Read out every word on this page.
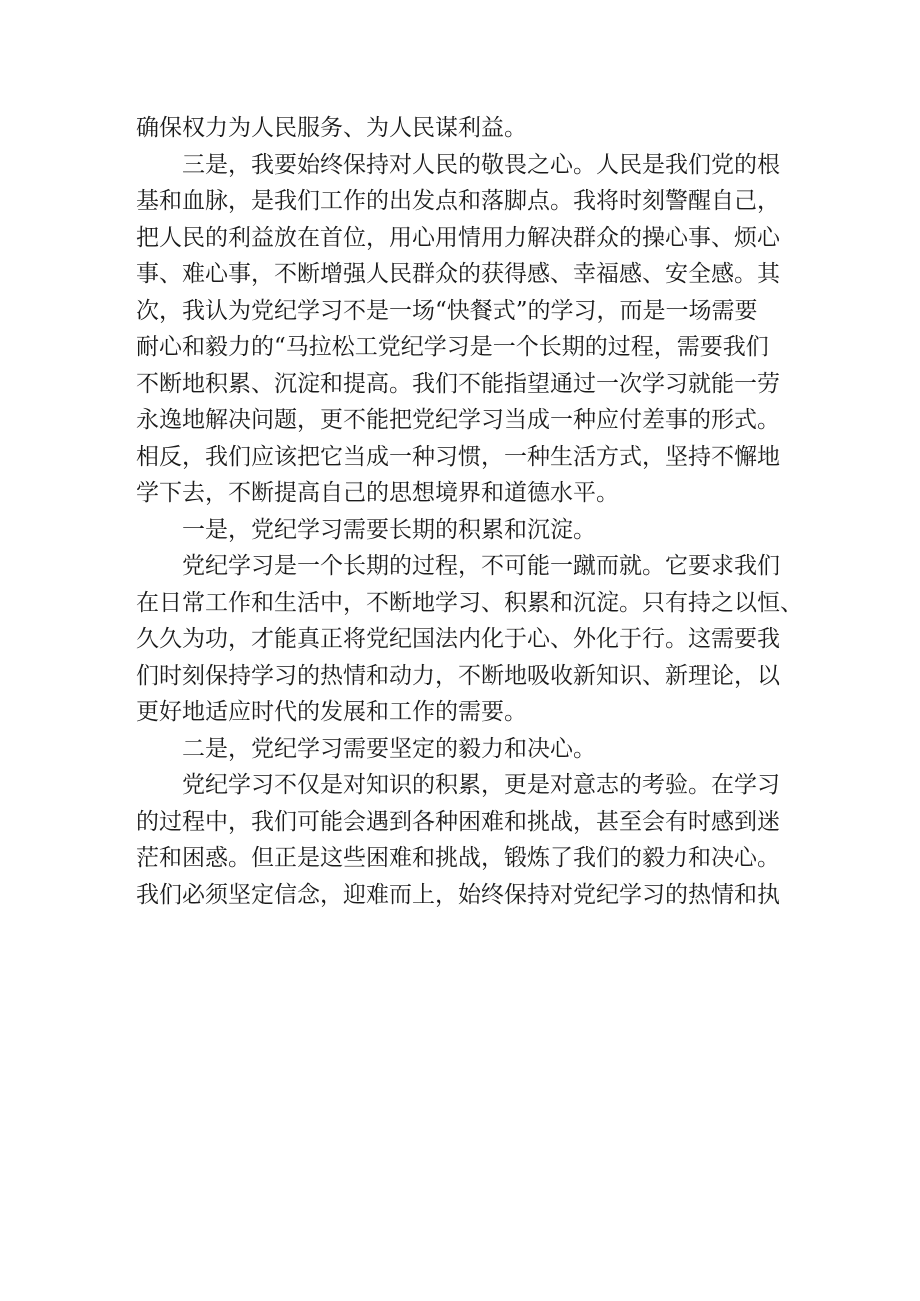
确保权力为人民服务、为人民谋利益。

三是，我要始终保持对人民的敬畏之心。人民是我们党的根
基和血脉，是我们工作的出发点和落脚点。我将时刻警醒自己，
把人民的利益放在首位，用心用情用力解决群众的操心事、烦心
事、难心事，不断增强人民群众的获得感、幸福感、安全感。其
次，我认为党纪学习不是一场“快餐式”的学习，而是一场需要
耐心和毅力的“马拉松工党纪学习是一个长期的过程，需要我们
不断地积累、沉淀和提高。我们不能指望通过一次学习就能一劳
永逸地解决问题，更不能把党纪学习当成一种应付差事的形式。
相反，我们应该把它当成一种习惯，一种生活方式，坚持不懈地
学下去，不断提高自己的思想境界和道德水平。

一是，党纪学习需要长期的积累和沉淀。

党纪学习是一个长期的过程，不可能一蹴而就。它要求我们
在日常工作和生活中，不断地学习、积累和沉淀。只有持之以恒、
久久为功，才能真正将党纪国法内化于心、外化于行。这需要我
们时刻保持学习的热情和动力，不断地吸收新知识、新理论，以
更好地适应时代的发展和工作的需要。

二是，党纪学习需要坚定的毅力和决心。

党纪学习不仅是对知识的积累，更是对意志的考验。在学习
的过程中，我们可能会遇到各种困难和挑战，甚至会有时感到迷
茫和困惑。但正是这些困难和挑战，锻炼了我们的毅力和决心。
我们必须坚定信念，迎难而上，始终保持对党纪学习的热情和执
